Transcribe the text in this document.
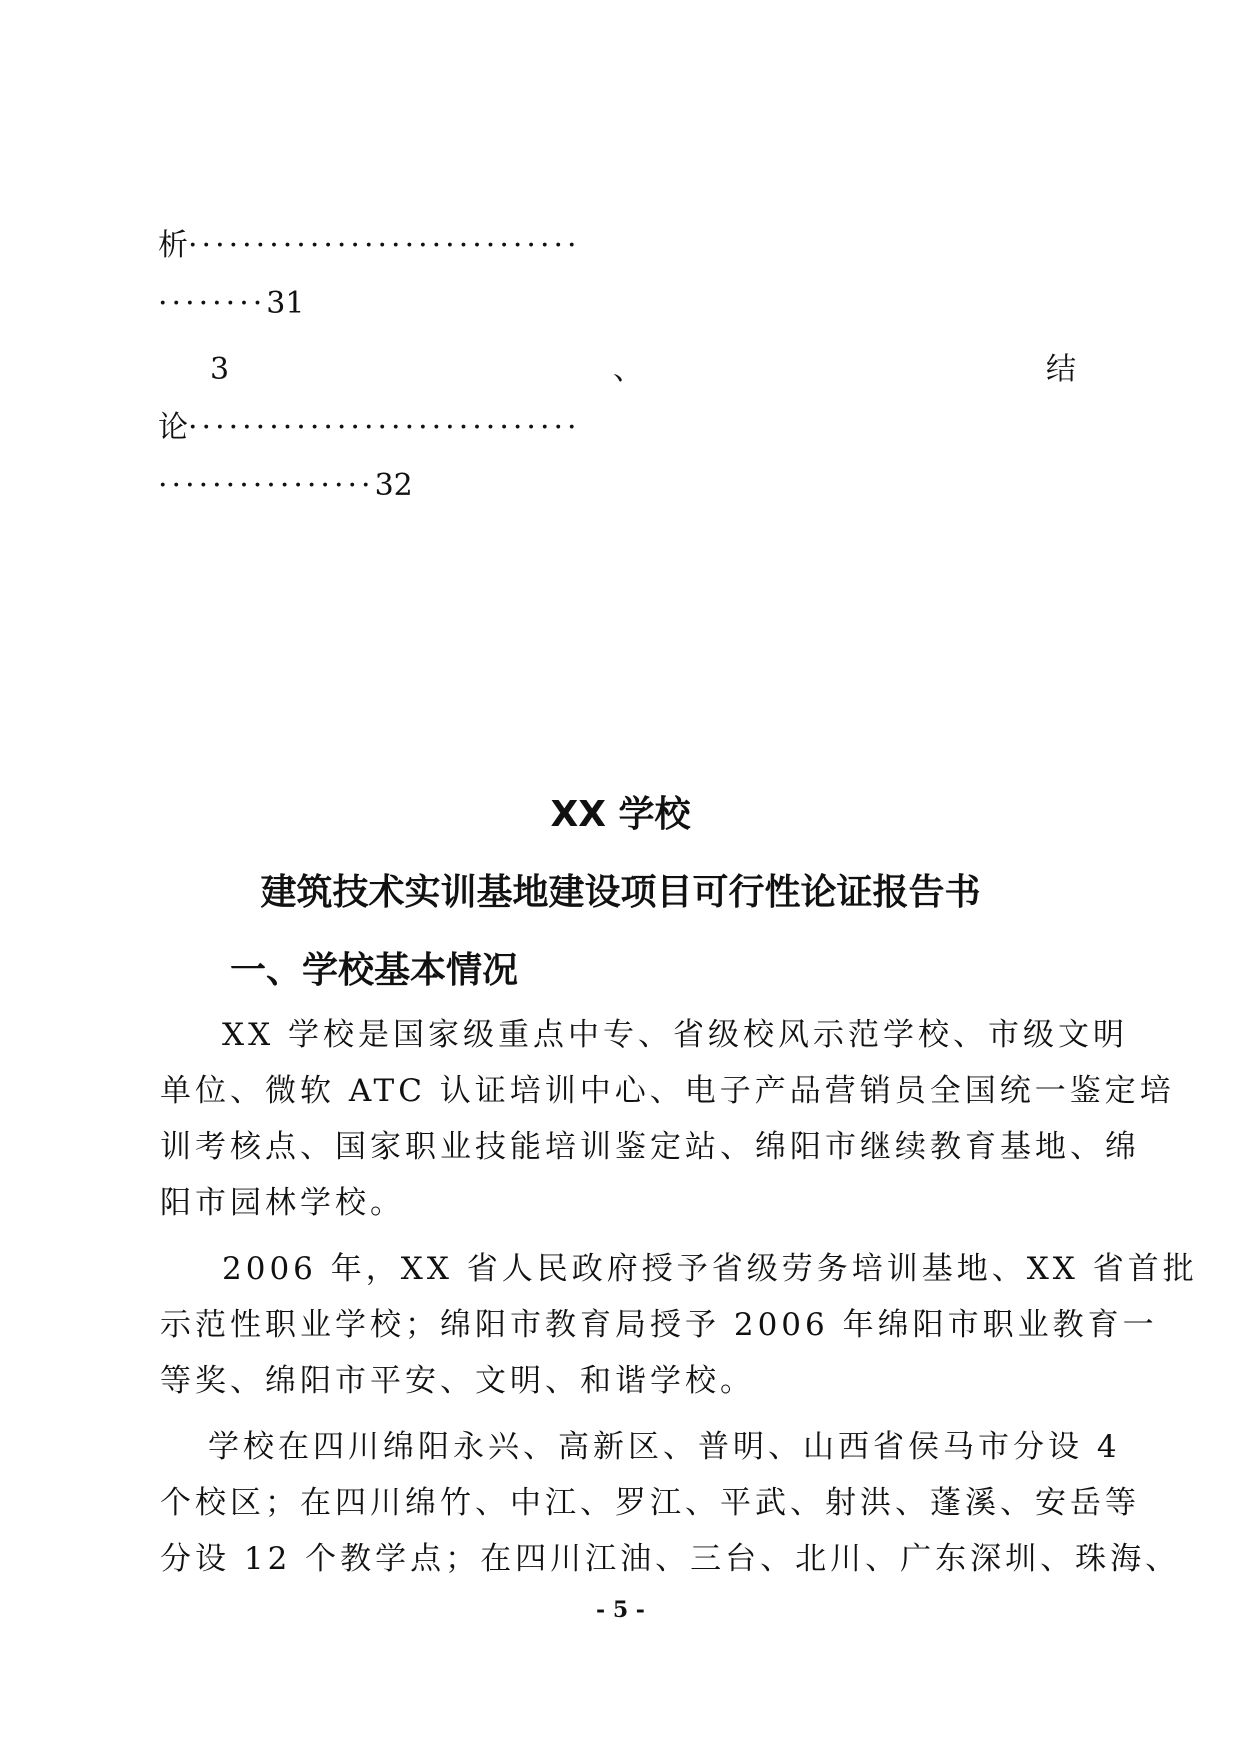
析·····························
········31
3	、	结
论·····························
················32
XX 学校
建筑技术实训基地建设项目可行性论证报告书
一、学校基本情况
XX 学校是国家级重点中专、省级校风示范学校、市级文明
单位、微软 ATC 认证培训中心、电子产品营销员全国统一鉴定培
训考核点、国家职业技能培训鉴定站、绵阳市继续教育基地、绵
阳市园林学校。
2006 年，XX 省人民政府授予省级劳务培训基地、XX 省首批
示范性职业学校；绵阳市教育局授予 2006 年绵阳市职业教育一
等奖、绵阳市平安、文明、和谐学校。
学校在四川绵阳永兴、高新区、普明、山西省侯马市分设 4
个校区；在四川绵竹、中江、罗江、平武、射洪、蓬溪、安岳等
分设 12 个教学点；在四川江油、三台、北川、广东深圳、珠海、
- 5 -
